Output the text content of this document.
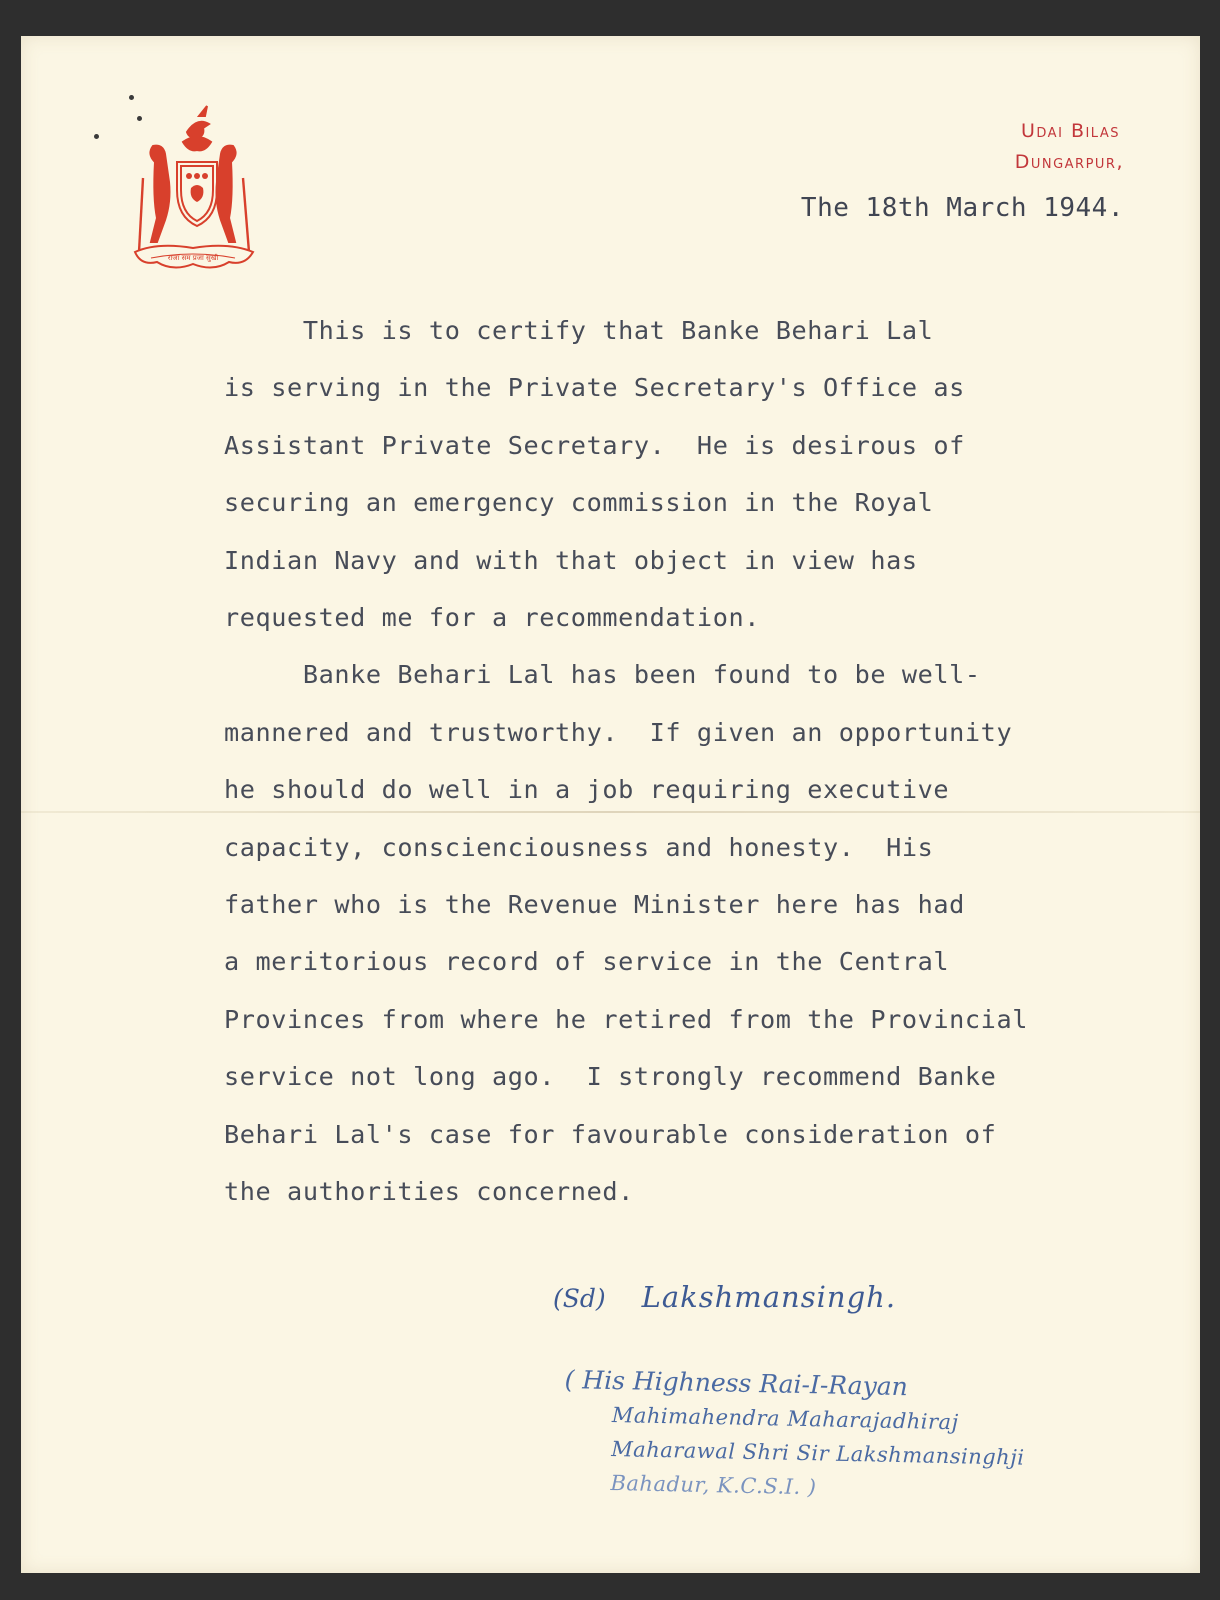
राजा सम प्रजा सुखी
Udai Bilas
Dungarpur,
The 18th March 1944.
This is to certify that Banke Behari Lal
is serving in the Private Secretary's Office as
Assistant Private Secretary.  He is desirous of
securing an emergency commission in the Royal
Indian Navy and with that object in view has
requested me for a recommendation.
Banke Behari Lal has been found to be well-
mannered and trustworthy.  If given an opportunity
he should do well in a job requiring executive
capacity, conscienciousness and honesty.  His
father who is the Revenue Minister here has had
a meritorious record of service in the Central
Provinces from where he retired from the Provincial
service not long ago.  I strongly recommend Banke
Behari Lal's case for favourable consideration of
the authorities concerned.
(Sd) Lakshmansingh.
( His Highness Rai-I-Rayan
Mahimahendra Maharajadhiraj
Maharawal Shri Sir Lakshmansinghji
Bahadur, K.C.S.I. )
